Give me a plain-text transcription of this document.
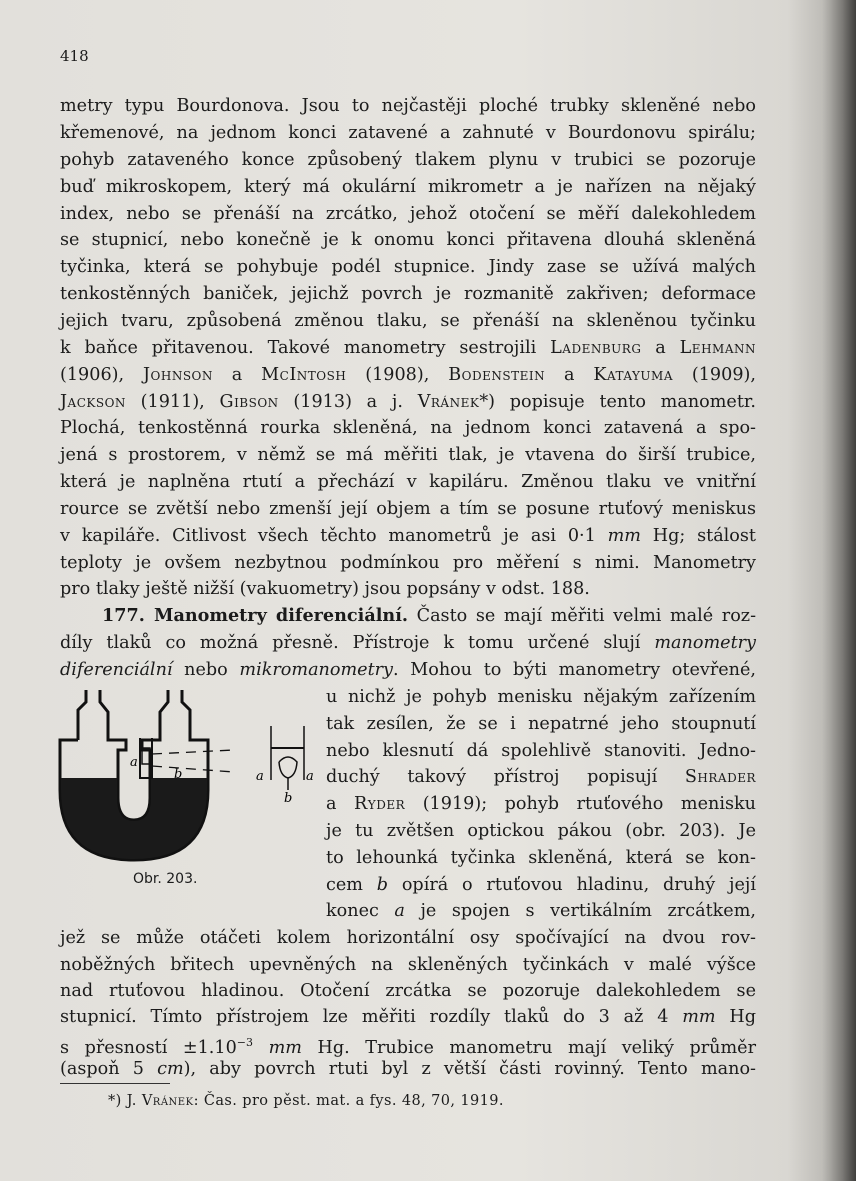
418
metry typu Bourdonova. Jsou to nejčastěji ploché trubky skleněné nebo
křemenové, na jednom konci zatavené a zahnuté v Bourdonovu spirálu;
pohyb zataveného konce způsobený tlakem plynu v trubici se pozoruje
buď mikroskopem, který má okulární mikrometr a je nařízen na nějaký
index, nebo se přenáší na zrcátko, jehož otočení se měří dalekohledem
se stupnicí, nebo konečně je k onomu konci přitavena dlouhá skleněná
tyčinka, která se pohybuje podél stupnice. Jindy zase se užívá malých
tenkostěnných baniček, jejichž povrch je rozmanitě zakřiven; deformace
jejich tvaru, způsobená změnou tlaku, se přenáší na skleněnou tyčinku
k baňce přitavenou. Takové manometry sestrojili Ladenburg a Lehmann
(1906), Johnson a McIntosh (1908), Bodenstein a Katayuma (1909),
Jackson (1911), Gibson (1913) a j. Vránek*) popisuje tento manometr.
Plochá, tenkostěnná rourka skleněná, na jednom konci zatavená a spo-
jená s prostorem, v němž se má měřiti tlak, je vtavena do širší trubice,
která je naplněna rtutí a přechází v kapiláru. Změnou tlaku ve vnitřní
rource se zvětší nebo zmenší její objem a tím se posune rtuťový meniskus
v kapiláře. Citlivost všech těchto manometrů je asi 0·1 mm Hg; stálost
teploty je ovšem nezbytnou podmínkou pro měření s nimi. Manometry
pro tlaky ještě nižší (vakuometry) jsou popsány v odst. 188.
177. Manometry diferenciální. Často se mají měřiti velmi malé roz-
díly tlaků co možná přesně. Přístroje k tomu určené slují manometry
diferenciální nebo mikromanometry. Mohou to býti manometry otevřené,
u nichž je pohyb menisku nějakým zařízením
tak zesílen, že se i nepatrné jeho stoupnutí
nebo klesnutí dá spolehlivě stanoviti. Jedno-
duchý takový přístroj popisují Shrader
a Ryder (1919); pohyb rtuťového menisku
je tu zvětšen optickou pákou (obr. 203). Je
to lehounká tyčinka skleněná, která se kon-
cem b opírá o rtuťovou hladinu, druhý její
konec a je spojen s vertikálním zrcátkem,
a
b	a	a
b
Obr. 203.
jež se může otáčeti kolem horizontální osy spočívající na dvou rov-
noběžných břitech upevněných na skleněných tyčinkách v malé výšce
nad rtuťovou hladinou. Otočení zrcátka se pozoruje dalekohledem se
stupnicí. Tímto přístrojem lze měřiti rozdíly tlaků do 3 až 4 mm Hg
s přesností $\pm 1.10^{-3}$ mm Hg. Trubice manometru mají veliký průměr
(aspoň 5 cm), aby povrch rtuti byl z větší části rovinný. Tento mano-
*) J. Vránek: Čas. pro pěst. mat. a fys. 48, 70, 1919.
